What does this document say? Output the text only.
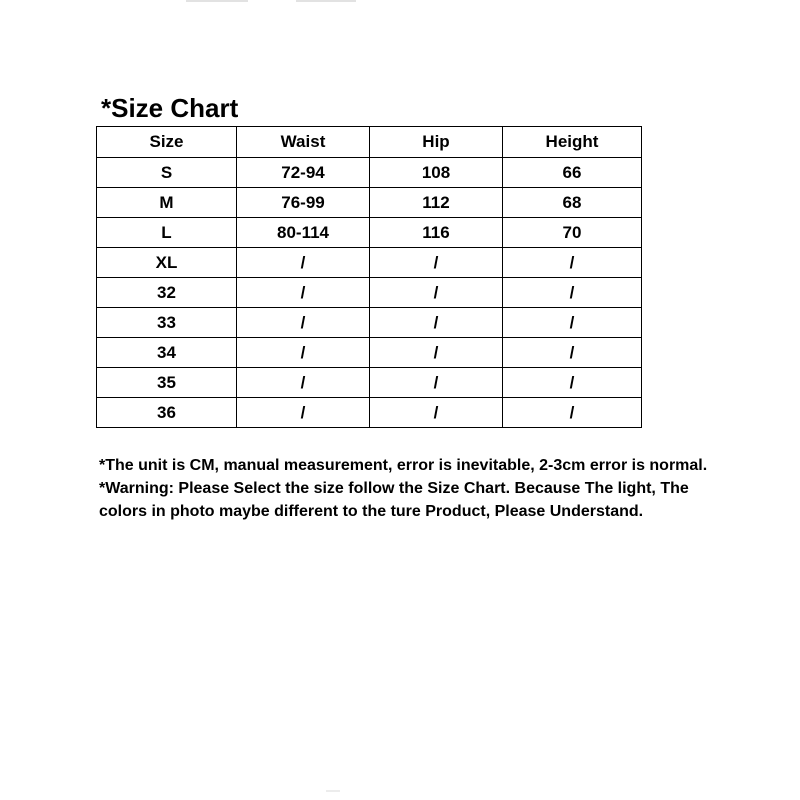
*Size Chart
Size	Waist	Hip	Height
S	72-94	108	66
M	76-99	112	68
L	80-114	116	70
XL	/	/	/
32	/	/	/
33	/	/	/
34	/	/	/
35	/	/	/
36	/	/	/

*The unit is CM, manual measurement, error is inevitable, 2-3cm error is normal.

*Warning: Please Select the size follow the Size Chart. Because The light, The

colors in photo maybe different to the ture Product, Please Understand.
